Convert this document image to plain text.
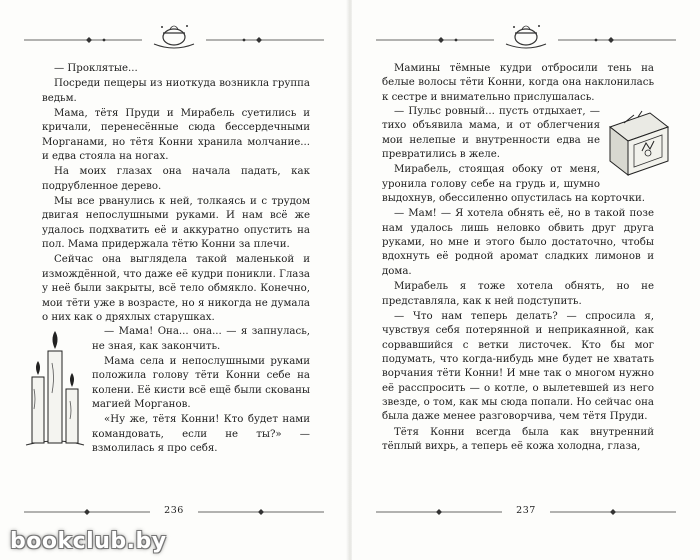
— Проклятые...

Посреди пещеры из ниоткуда возникла группа ведьм.

Мама, тётя Пруди и Мирабель суетились и кричали, перенесённые сюда бессердечными Морганами, но тётя Конни хранила молчание... и едва стояла на ногах.

На моих глазах она начала падать, как подрубленное дерево.

Мы все рванулись к ней, толкаясь и с трудом двигая непослушными руками. И нам всё же удалось подхватить её и аккуратно опустить на пол. Мама придержала тётю Конни за плечи.

Сейчас она выглядела такой маленькой и измождённой, что даже её кудри поникли. Глаза у неё были закрыты, всё тело обмякло. Конечно, мои тёти уже в возрасте, но я никогда не думала о них как о дряхлых старушках.

— Мама! Она... она... — я запнулась, не зная, как закончить.

Мама села и непослушными руками положила голову тёти Конни себе на колени. Её кисти всё ещё были скованы магией Морганов.

«Ну же, тётя Конни! Кто будет нами командовать, если не ты?» — взмолилась я про себя.

236

Мамины тёмные кудри отбросили тень на белые волосы тёти Конни, когда она наклонилась к сестре и внимательно прислушалась.

— Пульс ровный... пусть отдыхает, — тихо объявила мама, и от облегчения мои нелепые и внутренности едва не превратились в желе.

Мирабель, стоящая обоку от меня, уронила голову себе на грудь и, шумно выдохнув, обессиленно опустилась на корточки.

— Мам! — Я хотела обнять её, но в такой позе нам удалось лишь неловко обвить друг друга руками, но мне и этого было достаточно, чтобы вдохнуть её родной аромат сладких лимонов и дома.

Мирабель я тоже хотела обнять, но не представляла, как к ней подступить.

— Что нам теперь делать? — спросила я, чувствуя себя потерянной и неприкаянной, как сорвавшийся с ветки листочек. Кто бы мог подумать, что когда-нибудь мне будет не хватать ворчания тёти Конни! И мне так о многом нужно её расспросить — о котле, о вылетевшей из него звезде, о том, как мы сюда попали. Но сейчас она была даже менее разговорчива, чем тётя Пруди.

Тётя Конни всегда была как внутренний тёплый вихрь, а теперь её кожа холодна, глаза,

237
bookclub.by
